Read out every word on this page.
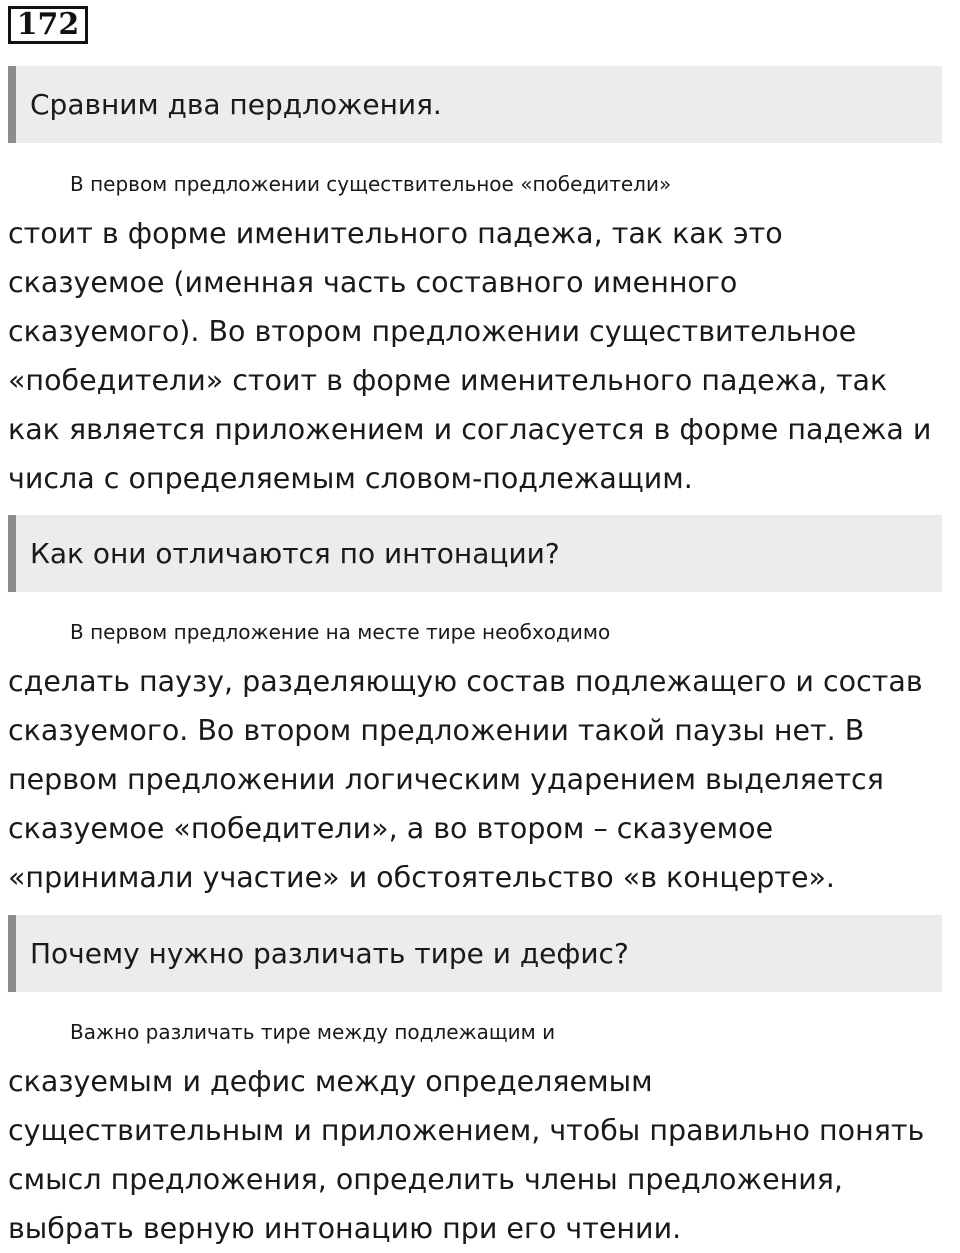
172
Сравним два пердложения.
В первом предложении существительное «победители»
стоит в форме именительного падежа, так как это
сказуемое (именная часть составного именного
сказуемого). Во втором предложении существительное
«победители» стоит в форме именительного падежа, так
как является приложением и согласуется в форме падежа и
числа с определяемым словом-подлежащим.
Как они отличаются по интонации?
В первом предложение на месте тире необходимо
сделать паузу, разделяющую состав подлежащего и состав
сказуемого. Во втором предложении такой паузы нет. В
первом предложении логическим ударением выделяется
сказуемое «победители», а во втором – сказуемое
«принимали участие» и обстоятельство «в концерте».
Почему нужно различать тире и дефис?
Важно различать тире между подлежащим и
сказуемым и дефис между определяемым
существительным и приложением, чтобы правильно понять
смысл предложения, определить члены предложения,
выбрать верную интонацию при его чтении.
